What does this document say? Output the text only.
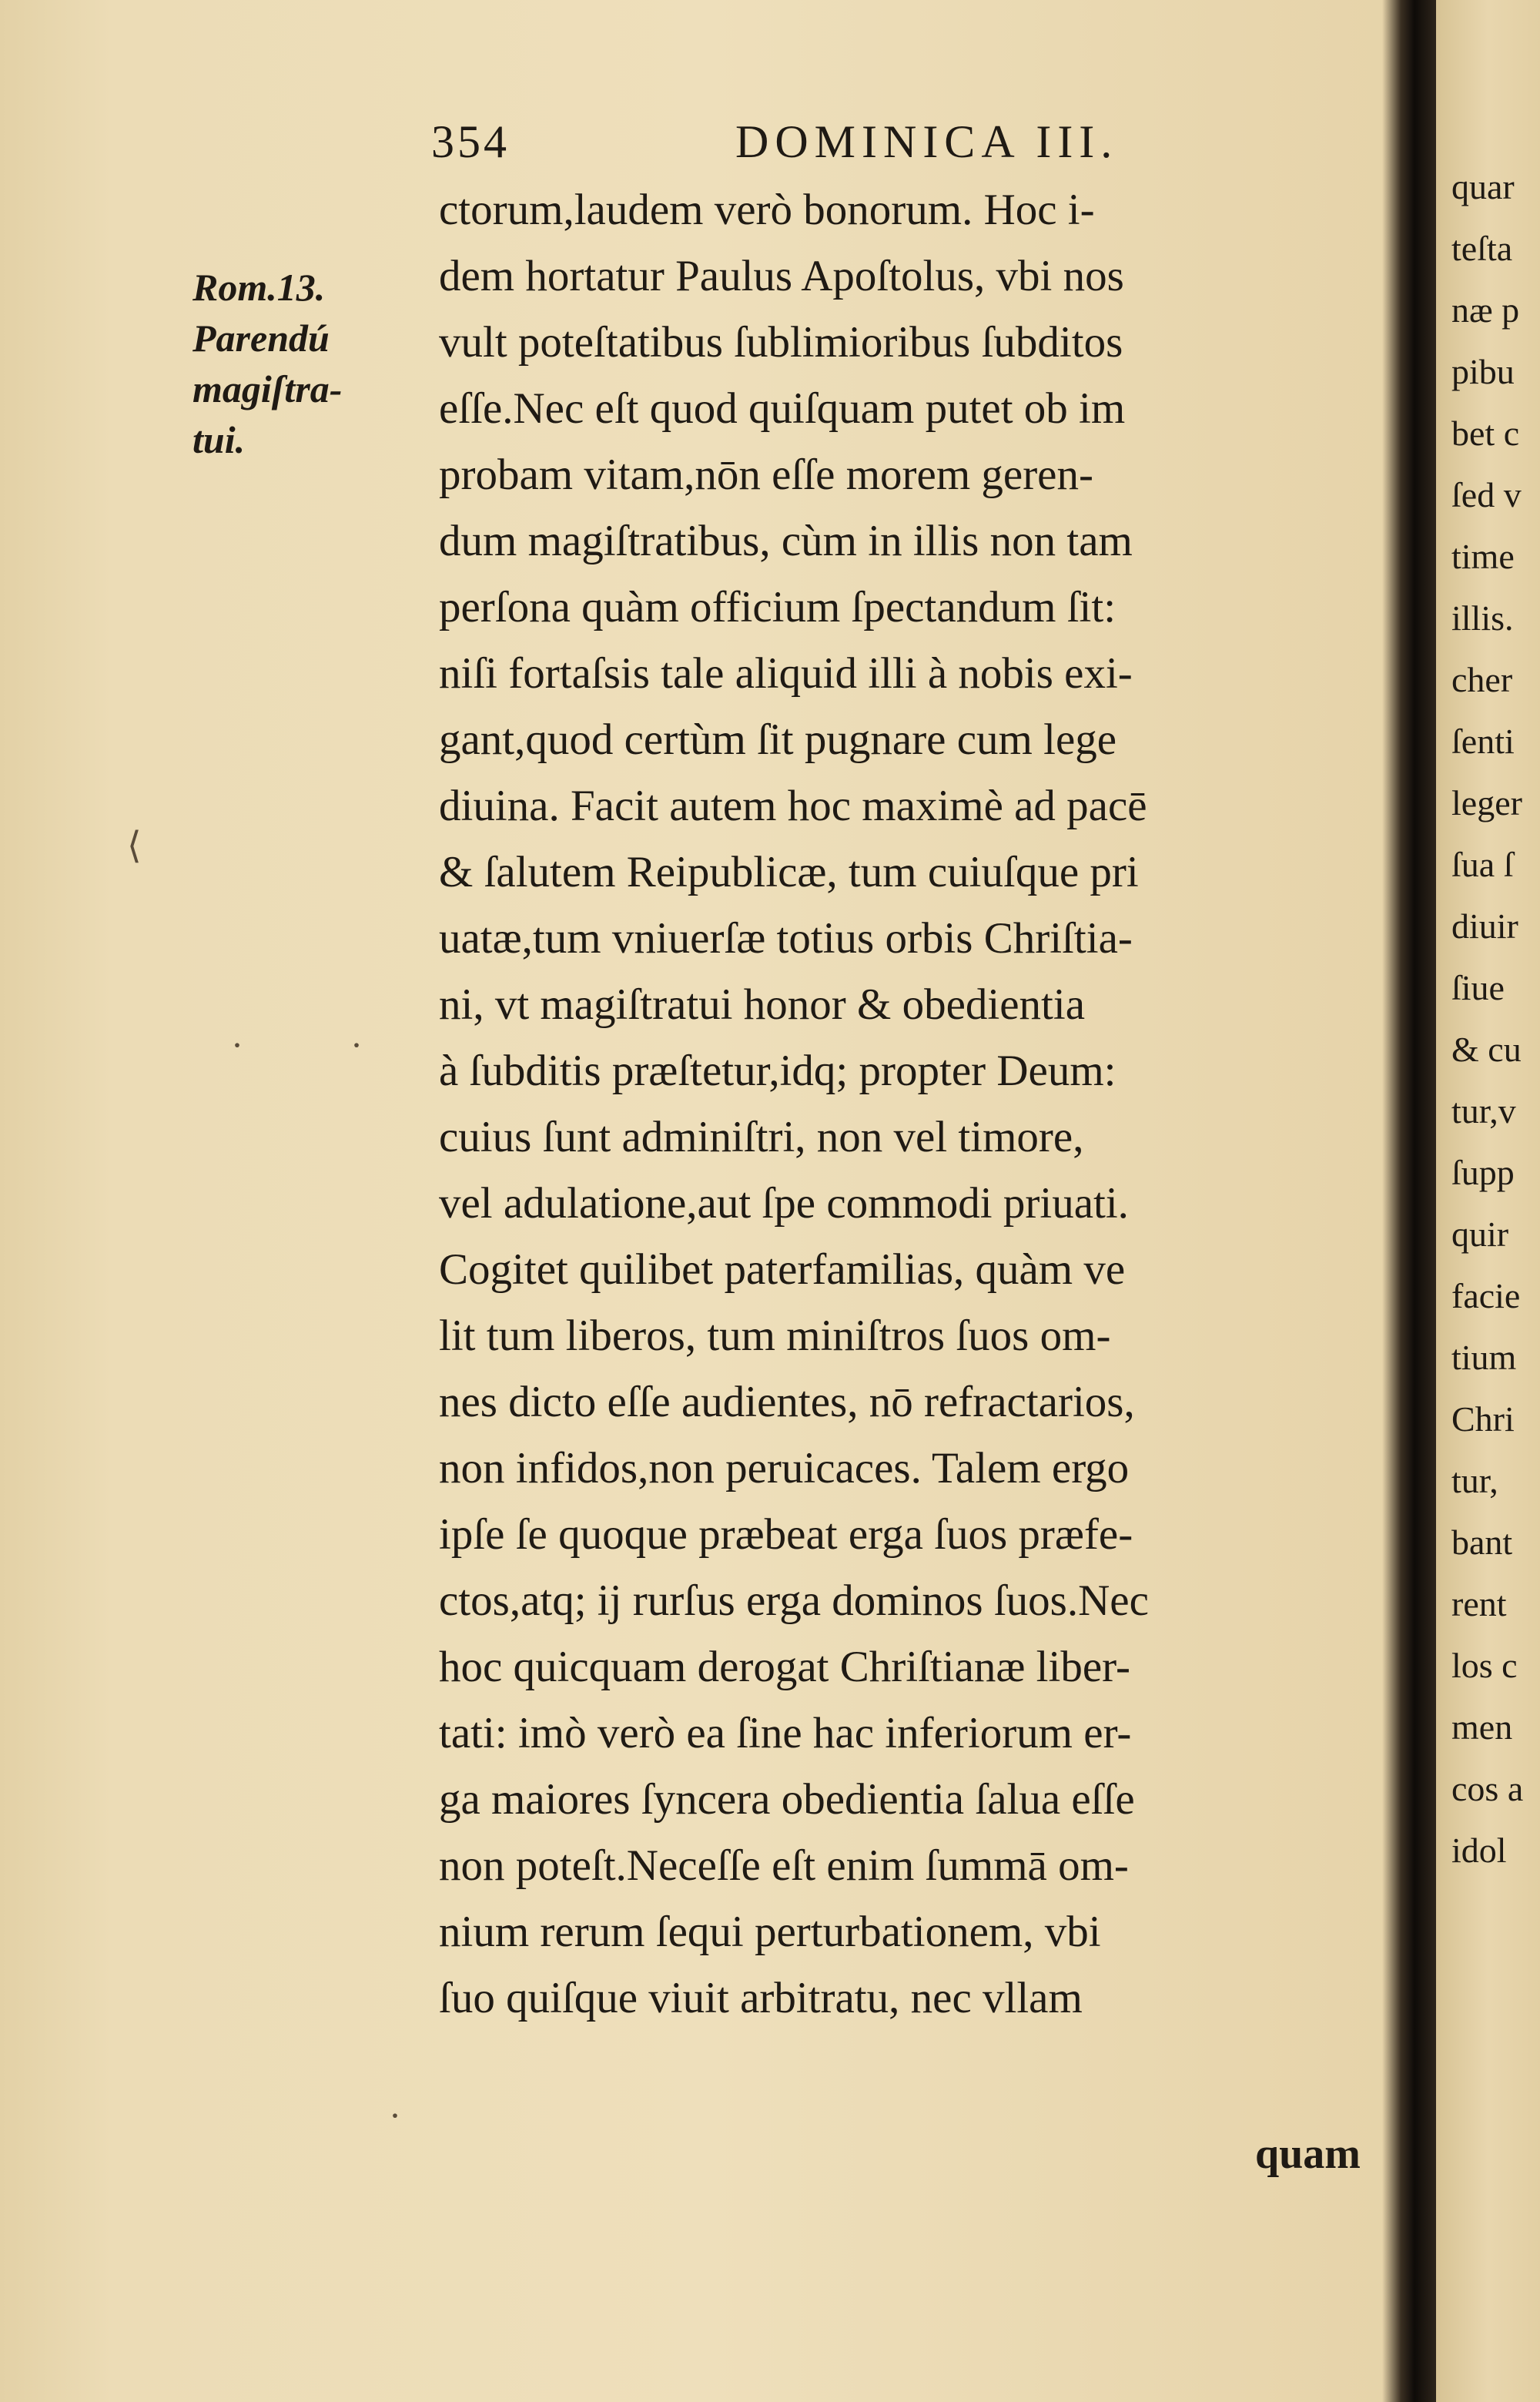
354	DOMINICA III.
Rom.13.
Parendú
magiſtra-
tui.
ctorum,laudem verò bonorum. Hoc i-
dem hortatur Paulus Apoſtolus, vbi nos
vult poteſtatibus ſublimioribus ſubditos
eſſe.Nec eſt quod quiſquam putet ob im
probam vitam,nōn eſſe morem geren-
dum magiſtratibus, cùm in illis non tam
perſona quàm officium ſpectandum ſit:
niſi fortaſsis tale aliquid illi à nobis exi-
gant,quod certùm ſit pugnare cum lege
diuina. Facit autem hoc maximè ad pacē
& ſalutem Reipublicæ, tum cuiuſque pri
uatæ,tum vniuerſæ totius orbis Chriſtia-
ni, vt magiſtratui honor & obedientia
à ſubditis præſtetur,idq; propter Deum:
cuius ſunt adminiſtri, non vel timore,
vel adulatione,aut ſpe commodi priuati.
Cogitet quilibet paterfamilias, quàm ve
lit tum liberos, tum miniſtros ſuos om-
nes dicto eſſe audientes, nō refractarios,
non infidos,non peruicaces. Talem ergo
ipſe ſe quoque præbeat erga ſuos præfe-
ctos,atq; ij rurſus erga dominos ſuos.Nec
hoc quicquam derogat Chriſtianæ liber-
tati: imò verò ea ſine hac inferiorum er-
ga maiores ſyncera obedientia ſalua eſſe
non poteſt.Neceſſe eſt enim ſummā om-
nium rerum ſequi perturbationem, vbi
ſuo quiſque viuit arbitratu, nec vllam
quam
quar
teſta
næ p
pibu
bet c
ſed v
time
illis.
cher
ſenti
leger
ſua ſ
diuir
ſiue
& cu
tur,v
ſupp
quir
facie
tium
Chri
tur,
bant
rent
los c
men
cos a
idol
⟨
·	·
·
